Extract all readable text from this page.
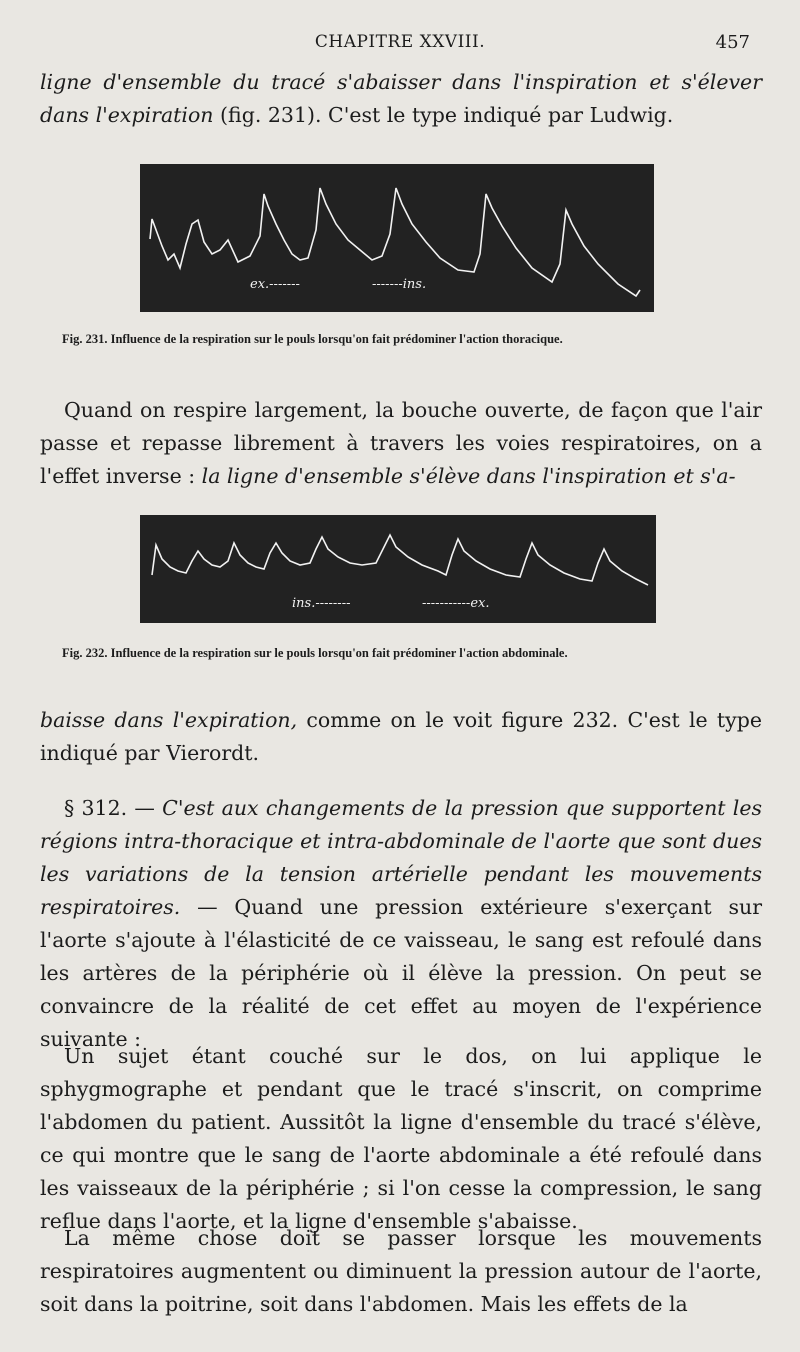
CHAPITRE XXVIII.	457

ligne d'ensemble du tracé s'abaisser dans l'inspiration et s'élever dans l'expiration (fig. 231). C'est le type indiqué par Ludwig.

ex.-------	-------ins.
Fig. 231. Influence de la respiration sur le pouls lorsqu'on fait prédominer l'action thoracique.

Quand on respire largement, la bouche ouverte, de façon que l'air passe et repasse librement à travers les voies respiratoires, on a l'effet inverse : la ligne d'ensemble s'élève dans l'inspiration et s'a-

ins.--------	-----------ex.
Fig. 232. Influence de la respiration sur le pouls lorsqu'on fait prédominer l'action abdominale.

baisse dans l'expiration, comme on le voit figure 232. C'est le type indiqué par Vierordt.

§ 312. — C'est aux changements de la pression que supportent les régions intra-thoracique et intra-abdominale de l'aorte que sont dues les variations de la tension artérielle pendant les mouvements respiratoires. — Quand une pression extérieure s'exerçant sur l'aorte s'ajoute à l'élasticité de ce vaisseau, le sang est refoulé dans les artères de la périphérie où il élève la pression. On peut se convaincre de la réalité de cet effet au moyen de l'expérience suivante :

Un sujet étant couché sur le dos, on lui applique le sphygmographe et pendant que le tracé s'inscrit, on comprime l'abdomen du patient. Aussitôt la ligne d'ensemble du tracé s'élève, ce qui montre que le sang de l'aorte abdominale a été refoulé dans les vaisseaux de la périphérie ; si l'on cesse la compression, le sang reflue dans l'aorte, et la ligne d'ensemble s'abaisse.

La même chose doit se passer lorsque les mouvements respiratoires augmentent ou diminuent la pression autour de l'aorte, soit dans la poitrine, soit dans l'abdomen. Mais les effets de la
